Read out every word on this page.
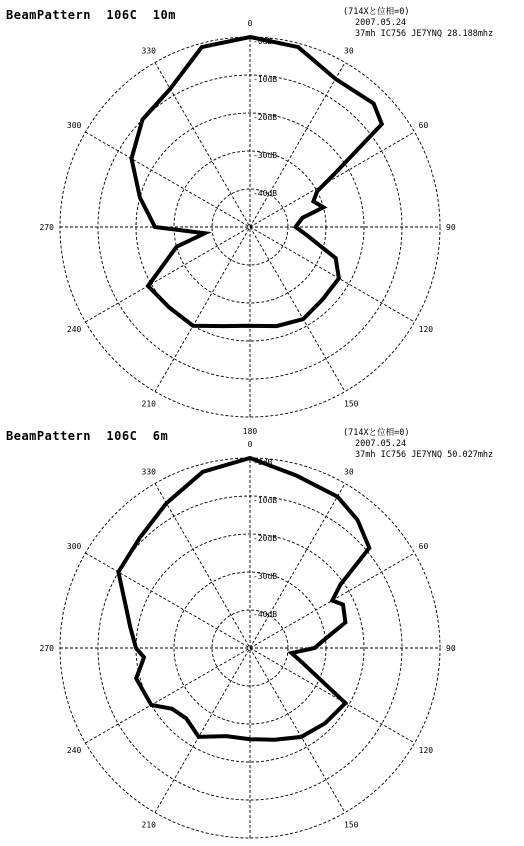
BeamPattern  106C  10m	(714Xと位相=0)
2007.05.24
37mh IC756 JE7YNQ 28.188mhz
-0dB
-10dB
-20dB
-30dB
-40dB
0
30
60
90
120
150
180
210
240
270
300
330
BeamPattern  106C  6m	(714Xと位相=0)
2007.05.24
37mh IC756 JE7YNQ 50.027mhz
-0dB
-10dB
-20dB
-30dB
-40dB
0
30
60
90
120
150
210
240
270
300
330
